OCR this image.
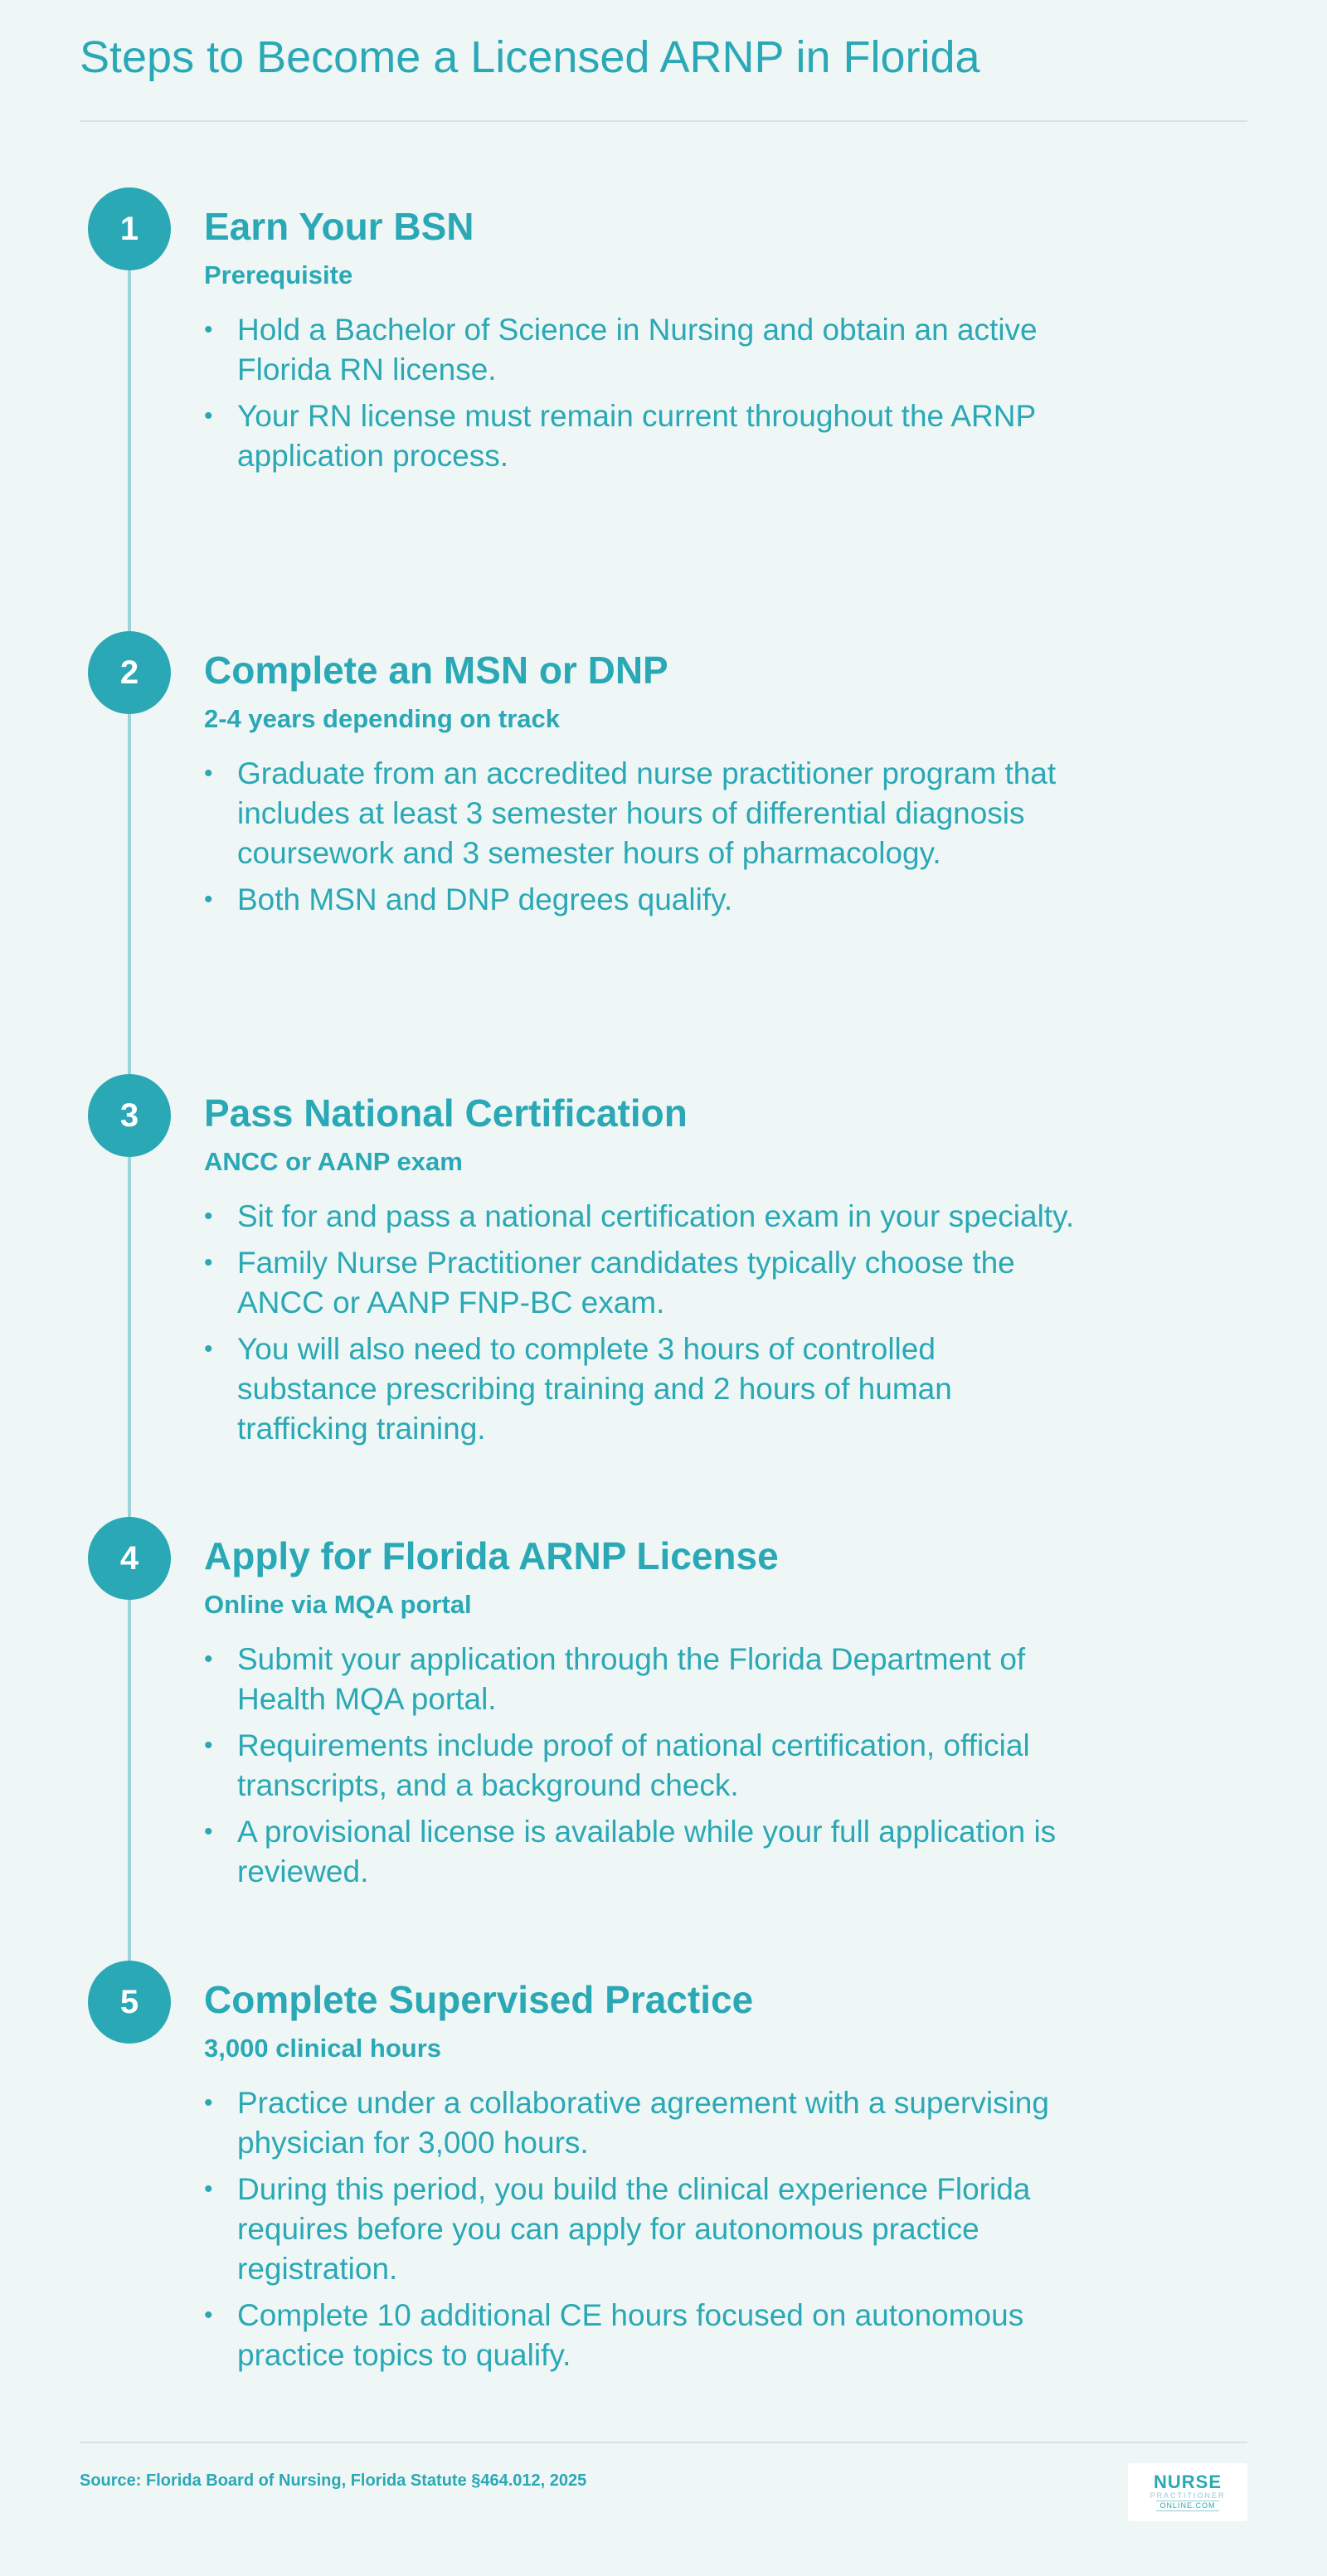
Steps to Become a Licensed ARNP in Florida
1	Earn Your BSN

Prerequisite

• Hold a Bachelor of Science in Nursing and obtain an active Florida RN license.
• Your RN license must remain current throughout the ARNP application process.
2	Complete an MSN or DNP

2-4 years depending on track

• Graduate from an accredited nurse practitioner program that includes at least 3 semester hours of differential diagnosis coursework and 3 semester hours of pharmacology.
• Both MSN and DNP degrees qualify.
3	Pass National Certification

ANCC or AANP exam

• Sit for and pass a national certification exam in your specialty.
• Family Nurse Practitioner candidates typically choose the ANCC or AANP FNP-BC exam.
• You will also need to complete 3 hours of controlled substance prescribing training and 2 hours of human trafficking training.
4	Apply for Florida ARNP License

Online via MQA portal

• Submit your application through the Florida Department of Health MQA portal.
• Requirements include proof of national certification, official transcripts, and a background check.
• A provisional license is available while your full application is reviewed.
5	Complete Supervised Practice

3,000 clinical hours

• Practice under a collaborative agreement with a supervising physician for 3,000 hours.
• During this period, you build the clinical experience Florida requires before you can apply for autonomous practice registration.
• Complete 10 additional CE hours focused on autonomous practice topics to qualify.

Source: Florida Board of Nursing, Florida Statute §464.012, 2025	NURSE
PRACTITIONER
ONLINE.COM
